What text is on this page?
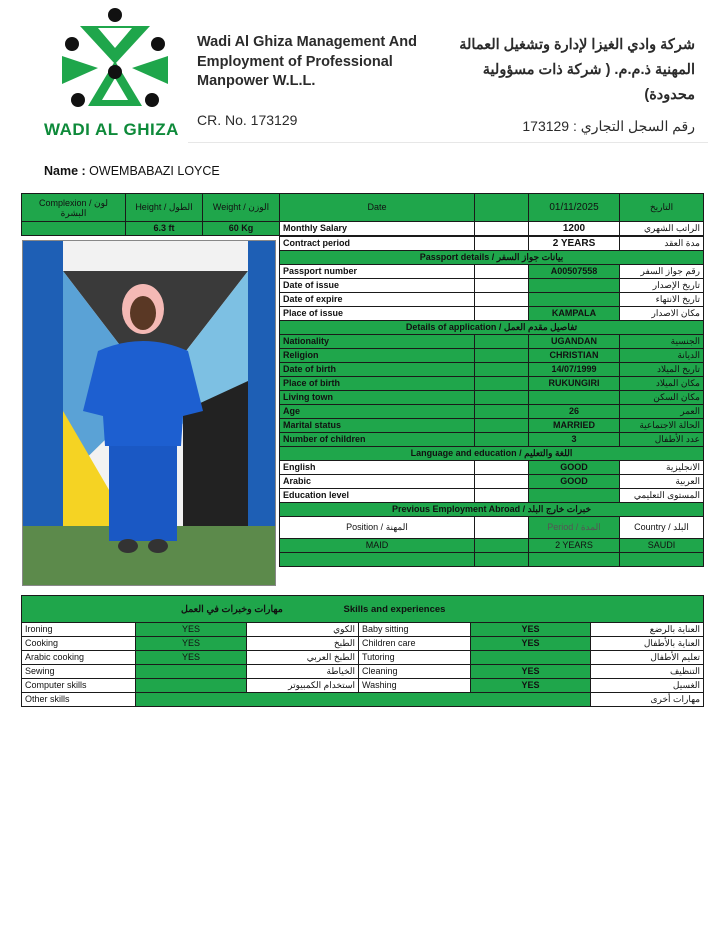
WADI AL GHIZA
Wadi Al Ghiza Management And
Employment of Professional
Manpower W.L.L.
CR. No. 173129
شركة وادي الغيزا لإدارة وتشغيل العمالة
المهنية ذ.م.م. ( شركة ذات مسؤولية
محدودة)
رقم السجل التجاري : 173129
Name : OWEMBABAZI LOYCE
Complexion / لون البشرة	Height / الطول	Weight / الوزن	Date		01/11/2025	التاريخ
	6.3 ft	60 Kg	Monthly Salary		1200	الراتب الشهري
Contract period		2 YEARS	مدة العقد
Passport details / بيانات جواز السفر			
Passport number		A00507558	رقم جواز السفر
Date of issue			تاريخ الإصدار
Date of expire			تاريخ الانتهاء
Place of issue		KAMPALA	مكان الاصدار
Details of application / تفاصيل مقدم العمل			
Nationality		UGANDAN	الجنسية
Religion		CHRISTIAN	الديانة
Date of birth		14/07/1999	تاريخ الميلاد
Place of birth		RUKUNGIRI	مكان الميلاد
Living town			مكان السكن
Age		26	العمر
Marital status		MARRIED	الحالة الاجتماعية
Number of children		3	عدد الأطفال
Language and education / اللغة والتعليم			
English		GOOD	الانجليزية
Arabic		GOOD	العربية
Education level			المستوى التعليمي
Previous Employment Abroad / خبرات خارج البلد			
Position / المهنة		Period / المدة	Country / البلد
MAID		2 YEARS	SAUDI

مهارات وخبرات في العمل Skills and experiences					
Ironing	YES	الكوي	Baby sitting	YES	العناية بالرضع
Cooking	YES	الطبخ	Children care	YES	العناية بالأطفال
Arabic cooking	YES	الطبخ العربي	Tutoring		تعليم الأطفال
Sewing		الخياطة	Cleaning	YES	التنظيف
Computer skills		استخدام الكمبيوتر	Washing	YES	الغسيل
Other skills					مهارات أخرى
